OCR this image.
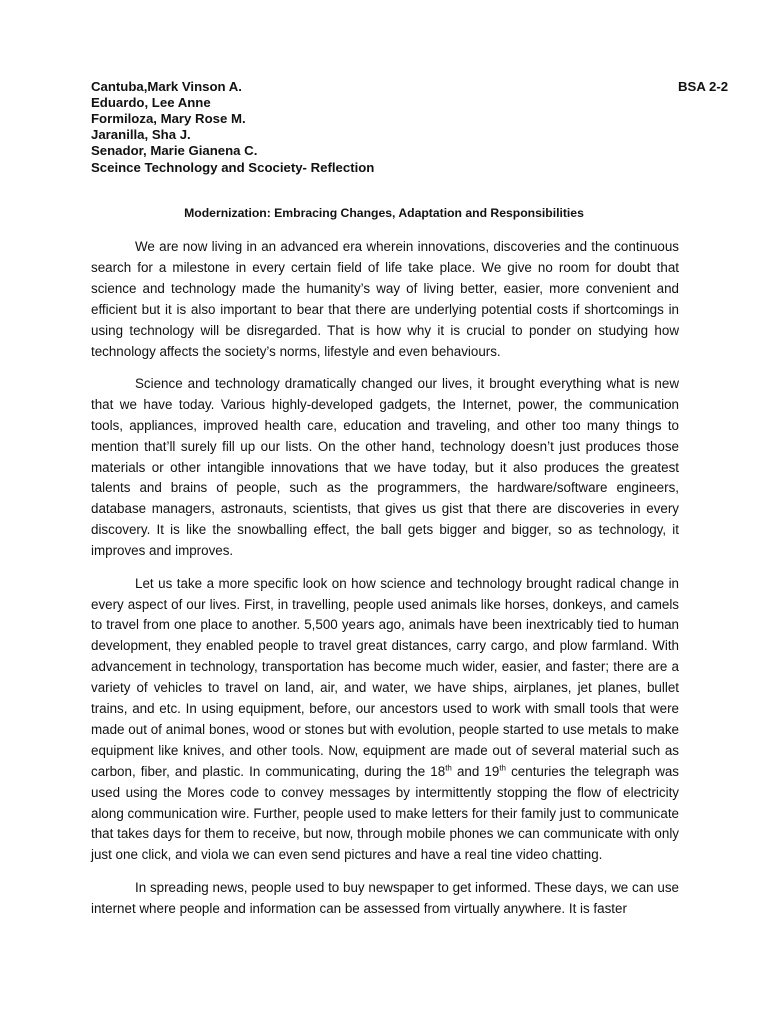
Cantuba,Mark Vinson A.	BSA 2-2
Eduardo, Lee Anne
Formiloza, Mary Rose M.
Jaranilla, Sha J.
Senador, Marie Gianena C.
Sceince Technology and Scociety- Reflection
Modernization: Embracing Changes, Adaptation and Responsibilities

We are now living in an advanced era wherein innovations, discoveries and the continuous search for a milestone in every certain field of life take place. We give no room for doubt that science and technology made the humanity’s way of living better, easier, more convenient and efficient but it is also important to bear that there are underlying potential costs if shortcomings in using technology will be disregarded. That is how why it is crucial to ponder on studying how technology affects the society’s norms, lifestyle and even behaviours.

Science and technology dramatically changed our lives, it brought everything what is new that we have today. Various highly-developed gadgets, the Internet, power, the communication tools, appliances, improved health care, education and traveling, and other too many things to mention that’ll surely fill up our lists. On the other hand, technology doesn’t just produces those materials or other intangible innovations that we have today, but it also produces the greatest talents and brains of people, such as the programmers, the hardware/software engineers, database managers, astronauts, scientists, that gives us gist that there are discoveries in every discovery. It is like the snowballing effect, the ball gets bigger and bigger, so as technology, it improves and improves.

Let us take a more specific look on how science and technology brought radical change in every aspect of our lives. First, in travelling, people used animals like horses, donkeys, and camels to travel from one place to another. 5,500 years ago, animals have been inextricably tied to human development, they enabled people to travel great distances, carry cargo, and plow farmland. With advancement in technology, transportation has become much wider, easier, and faster; there are a variety of vehicles to travel on land, air, and water, we have ships, airplanes, jet planes, bullet trains, and etc. In using equipment, before, our ancestors used to work with small tools that were made out of animal bones, wood or stones but with evolution, people started to use metals to make equipment like knives, and other tools. Now, equipment are made out of several material such as carbon, fiber, and plastic. In communicating, during the 18th and 19th centuries the telegraph was used using the Mores code to convey messages by intermittently stopping the flow of electricity along communication wire. Further, people used to make letters for their family just to communicate that takes days for them to receive, but now, through mobile phones we can communicate with only just one click, and viola we can even send pictures and have a real tine video chatting.

In spreading news, people used to buy newspaper to get informed. These days, we can use internet where people and information can be assessed from virtually anywhere. It is faster
